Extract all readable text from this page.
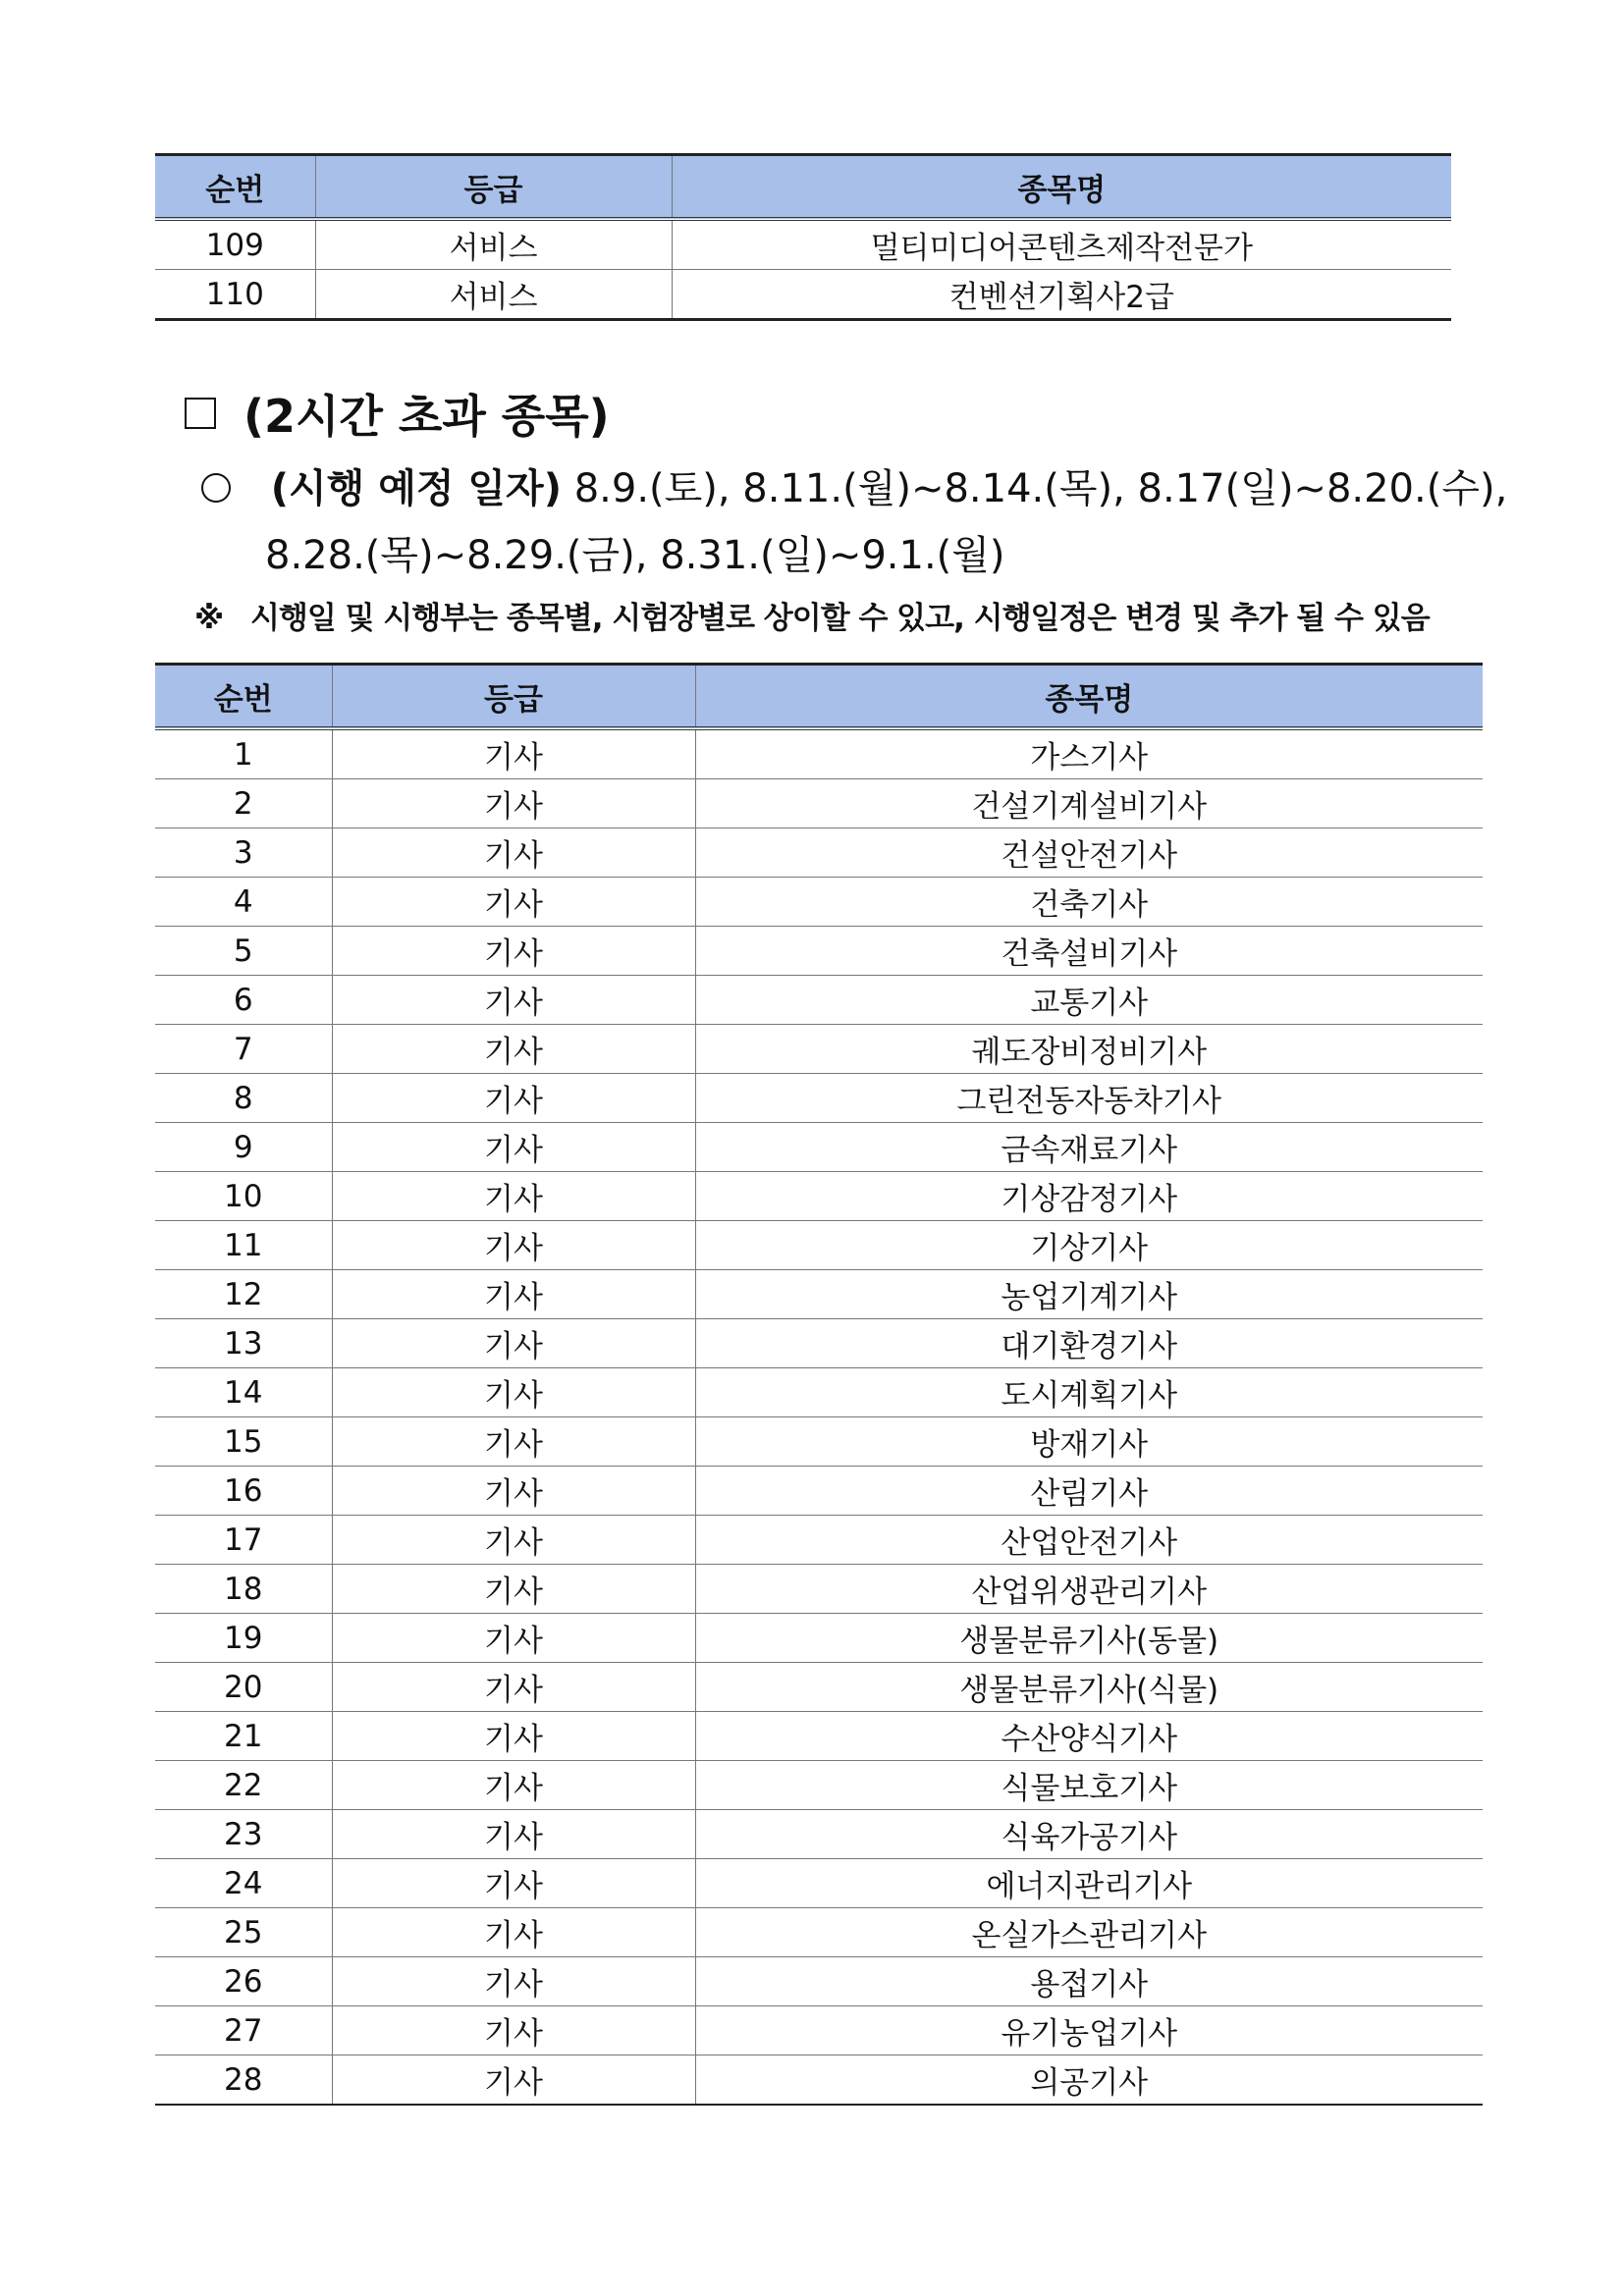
순번	등급	종목명
109	서비스	멀티미디어콘텐츠제작전문가
110	서비스	컨벤션기획사2급
(2시간 초과 종목)
(시행 예정 일자) 8.9.(토), 8.11.(월)~8.14.(목), 8.17(일)~8.20.(수),
8.28.(목)~8.29.(금), 8.31.(일)~9.1.(월)
※ 시행일 및 시행부는 종목별, 시험장별로 상이할 수 있고, 시행일정은 변경 및 추가 될 수 있음
순번	등급	종목명
1	기사	가스기사
2	기사	건설기계설비기사
3	기사	건설안전기사
4	기사	건축기사
5	기사	건축설비기사
6	기사	교통기사
7	기사	궤도장비정비기사
8	기사	그린전동자동차기사
9	기사	금속재료기사
10	기사	기상감정기사
11	기사	기상기사
12	기사	농업기계기사
13	기사	대기환경기사
14	기사	도시계획기사
15	기사	방재기사
16	기사	산림기사
17	기사	산업안전기사
18	기사	산업위생관리기사
19	기사	생물분류기사(동물)
20	기사	생물분류기사(식물)
21	기사	수산양식기사
22	기사	식물보호기사
23	기사	식육가공기사
24	기사	에너지관리기사
25	기사	온실가스관리기사
26	기사	용접기사
27	기사	유기농업기사
28	기사	의공기사
